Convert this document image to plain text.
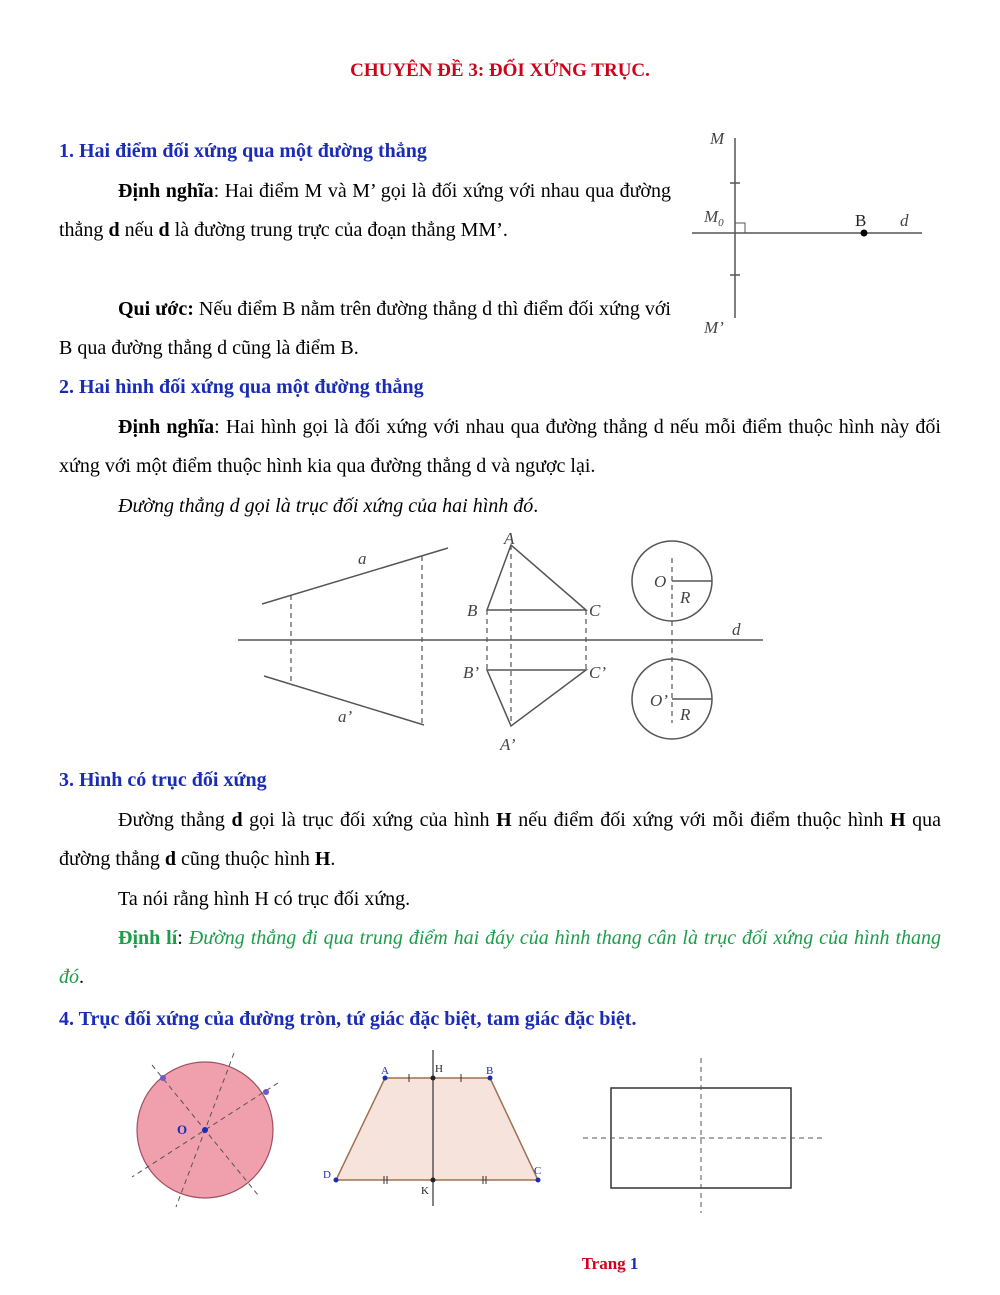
CHUYÊN ĐỀ 3: ĐỐI XỨNG TRỤC.
1. Hai điểm đối xứng qua một đường thẳng
Định nghĩa: Hai điểm M và M’ gọi là đối xứng với nhau qua đường thẳng d nếu d là đường trung trực của đoạn thẳng MM’.
Qui ước: Nếu điểm B nằm trên đường thẳng d thì điểm đối xứng với B qua đường thẳng d cũng là điểm B.
M
$M_0$
M’
B d
2. Hai hình đối xứng qua một đường thẳng
Định nghĩa: Hai hình gọi là đối xứng với nhau qua đường thẳng d nếu mỗi điểm thuộc hình này đối xứng với một điểm thuộc hình kia qua đường thẳng d và ngược lại.
Đường thẳng d gọi là trục đối xứng của hai hình đó.
a
a’
A
B	C
B’	C’
A’
O
R
O’
R
d
3. Hình có trục đối xứng
Đường thẳng d gọi là trục đối xứng của hình H nếu điểm đối xứng với mỗi điểm thuộc hình H qua đường thẳng d cũng thuộc hình H.
Ta nói rằng hình H có trục đối xứng.
Định lí: Đường thẳng đi qua trung điểm hai đáy của hình thang cân là trục đối xứng của hình thang đó.
4. Trục đối xứng của đường tròn, tứ giác đặc biệt, tam giác đặc biệt.
O
A	B
D	C
H
K
Trang 1
